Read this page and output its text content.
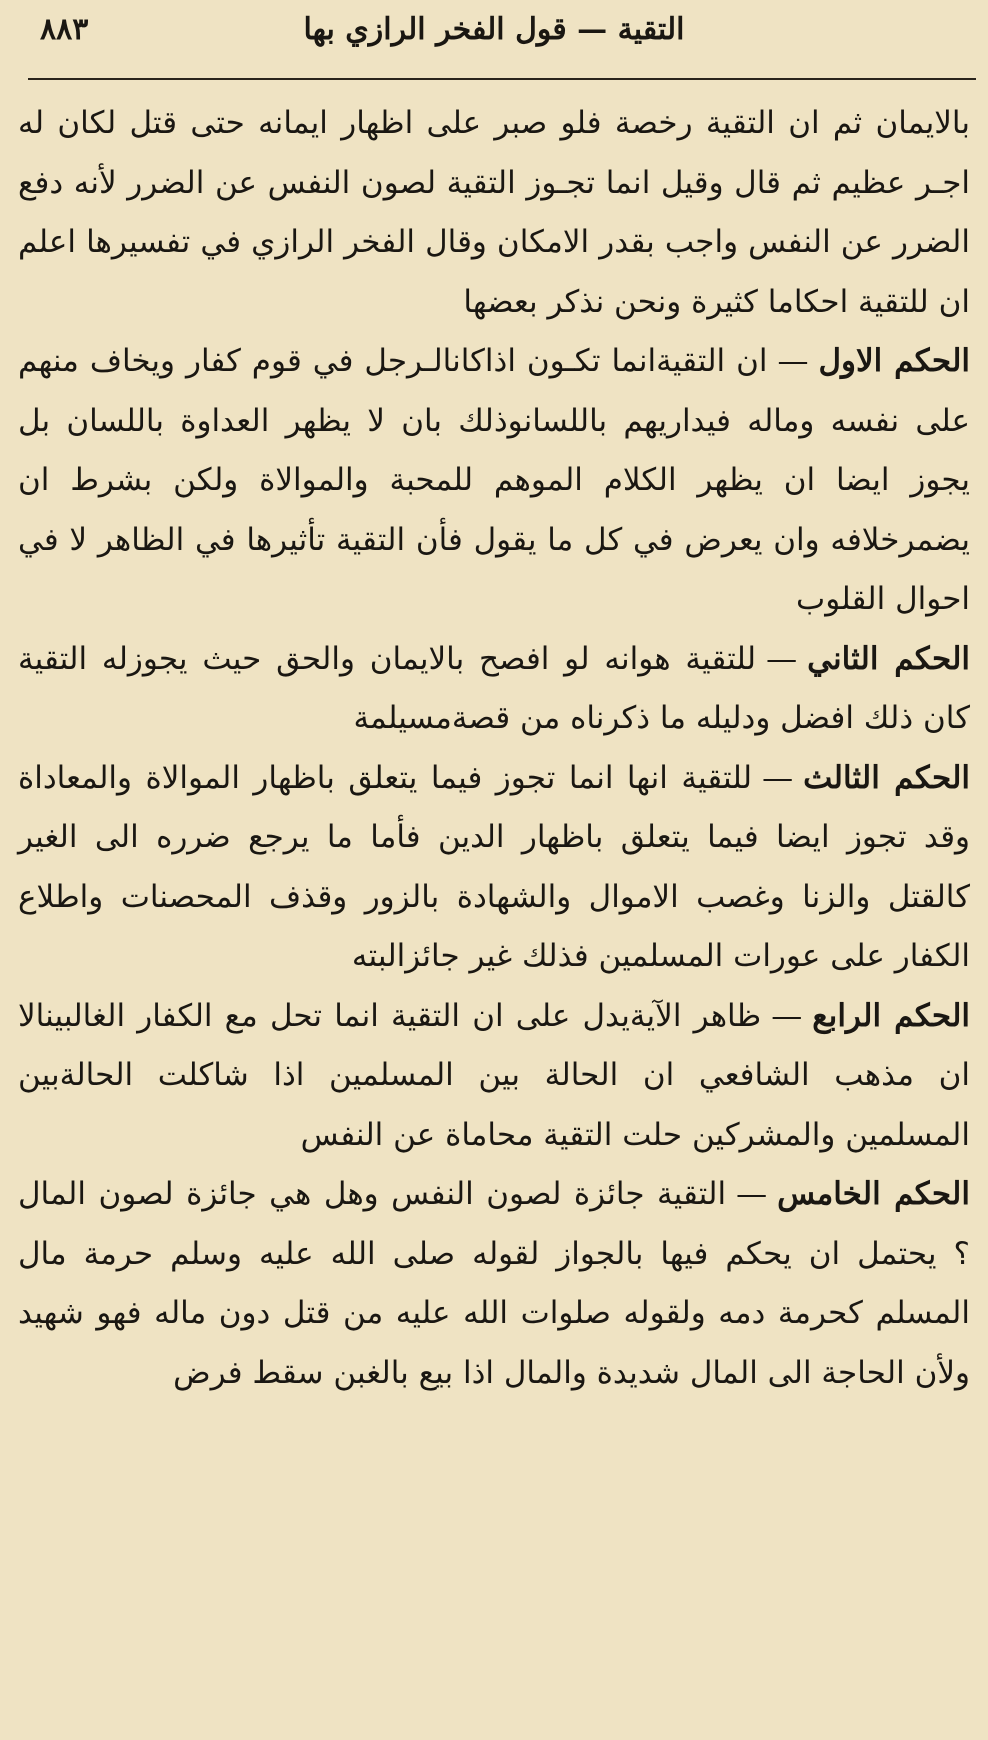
التقية — قول الفخر الرازي بها
٨٨٣

بالايمان ثم ان التقية رخصة فلو صبر على اظهار ايمانه حتى قتل لكان له اجـر عظيم ثم قال وقيل انما تجـوز التقية لصون النفس عن الضرر لأنه دفع الضرر عن النفس واجب بقدر الامكان وقال الفخر الرازي في تفسيرها اعلم ان للتقية احكاما كثيرة ونحن نذكر بعضها

الحكم الاول—ان التقيةانما تكـون اذاكانالـرجل في قوم كفار ويخاف منهم على نفسه وماله فيداريهم باللسانوذلك بان لا يظهر العداوة باللسان بل يجوز ايضا ان يظهر الكلام الموهم للمحبة والموالاة ولكن بشرط ان يضمرخلافه وان يعرض في كل ما يقول فأن التقية تأثيرها في الظاهر لا في احوال القلوب

الحكم الثاني—للتقية هوانه لو افصح بالايمان والحق حيث يجوزله التقية كان ذلك افضل ودليله ما ذكرناه من قصةمسيلمة

الحكم الثالث—للتقية انها انما تجوز فيما يتعلق باظهار الموالاة والمعاداة وقد تجوز ايضا فيما يتعلق باظهار الدين فأما ما يرجع ضرره الى الغير كالقتل والزنا وغصب الاموال والشهادة بالزور وقذف المحصنات واطلاع الكفار على عورات المسلمين فذلك غير جائزالبته

الحكم الرابع—ظاهر الآيةيدل على ان التقية انما تحل مع الكفار الغالبينالا ان مذهب الشافعي ان الحالة بين المسلمين اذا شاكلت الحالةبين المسلمين والمشركين حلت التقية محاماة عن النفس

الحكم الخامس—التقية جائزة لصون النفس وهل هي جائزة لصون المال ؟ يحتمل ان يحكم فيها بالجواز لقوله صلى الله عليه وسلم حرمة مال المسلم كحرمة دمه ولقوله صلوات الله عليه من قتل دون ماله فهو شهيد ولأن الحاجة الى المال شديدة والمال اذا بيع بالغبن سقط فرض
